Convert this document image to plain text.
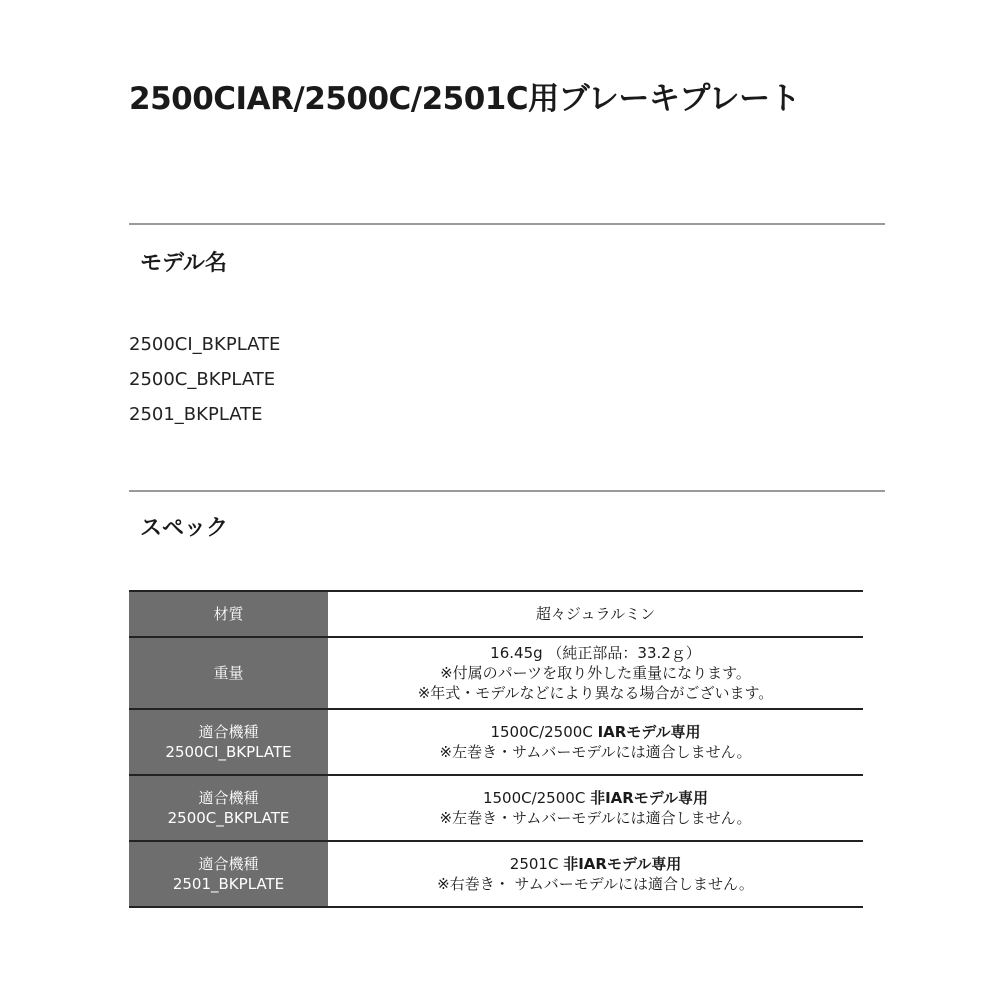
2500CIAR/2500C/2501C用ブレーキプレート
モデル名
2500CI_BKPLATE
2500C_BKPLATE
2501_BKPLATE
スペック
材質	超々ジュラルミン

重量	16.45g （純正部品：33.2ｇ）
※付属のパーツを取り外した重量になります。
※年式・モデルなどにより異なる場合がございます。

適合機種
2500CI_BKPLATE	1500C/2500C IARモデル専用
※左巻き・サムバーモデルには適合しません。

適合機種
2500C_BKPLATE	1500C/2500C 非IARモデル専用
※左巻き・サムバーモデルには適合しません。

適合機種
2501_BKPLATE	2501C 非IARモデル専用
※右巻き・ サムバーモデルには適合しません。
